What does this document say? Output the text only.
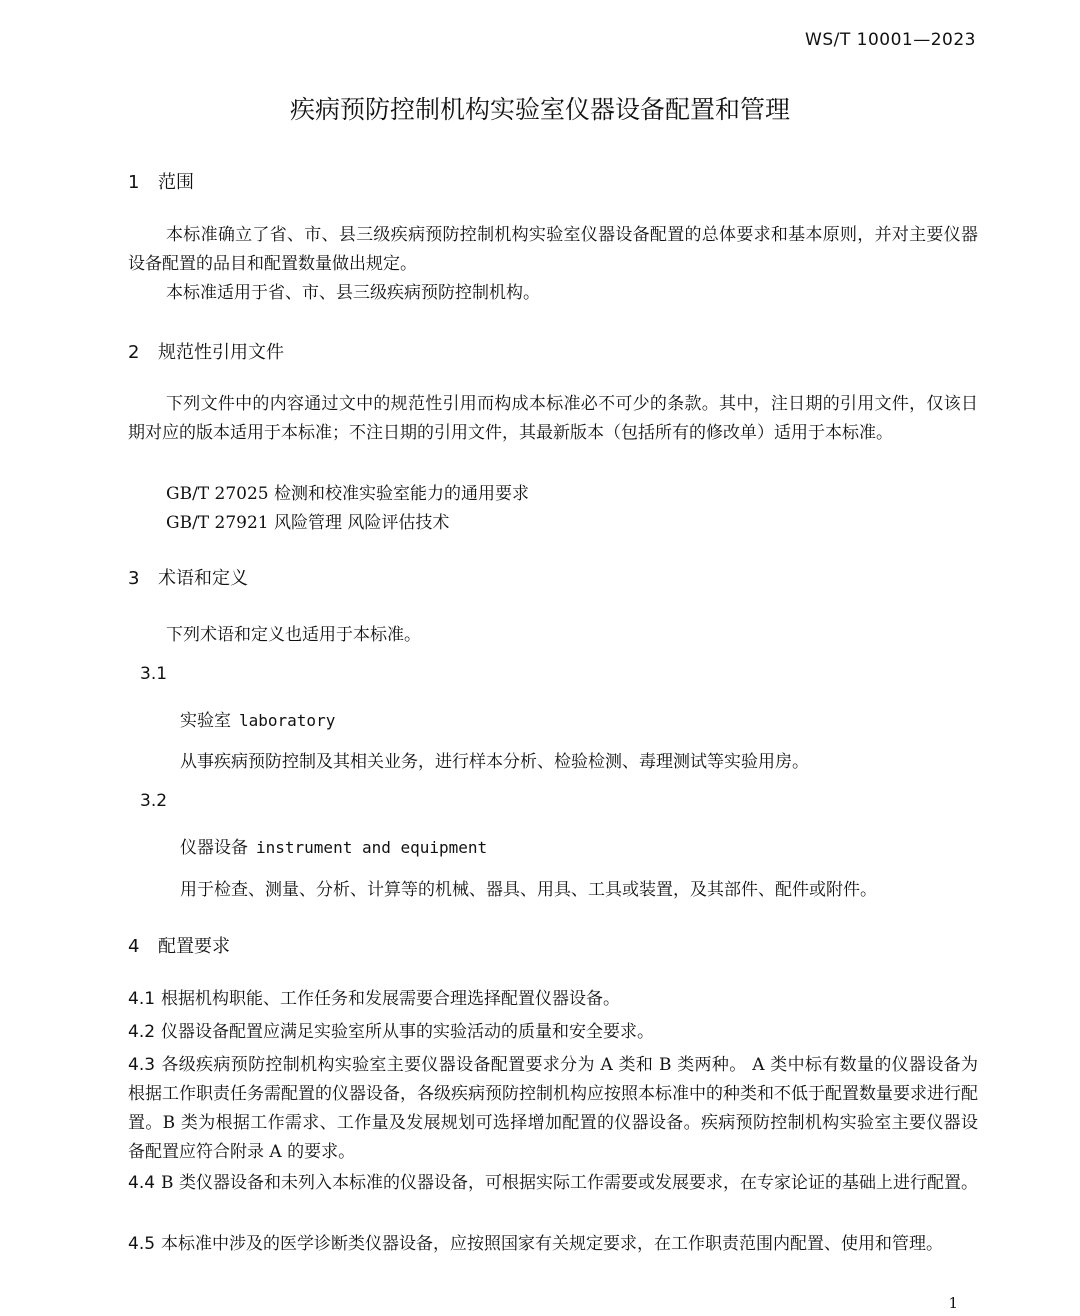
WS/T 10001—2023
疾病预防控制机构实验室仪器设备配置和管理
1 范围
本标准确立了省、市、县三级疾病预防控制机构实验室仪器设备配置的总体要求和基本原则，并对主要仪器设备配置的品目和配置数量做出规定。
本标准适用于省、市、县三级疾病预防控制机构。
2 规范性引用文件
下列文件中的内容通过文中的规范性引用而构成本标准必不可少的条款。其中，注日期的引用文件，仅该日期对应的版本适用于本标准；不注日期的引用文件，其最新版本（包括所有的修改单）适用于本标准。
GB/T 27025 检测和校准实验室能力的通用要求
GB/T 27921 风险管理 风险评估技术
3 术语和定义
下列术语和定义也适用于本标准。
3.1
实验室 laboratory
从事疾病预防控制及其相关业务，进行样本分析、检验检测、毒理测试等实验用房。
3.2
仪器设备 instrument and equipment
用于检查、测量、分析、计算等的机械、器具、用具、工具或装置，及其部件、配件或附件。
4 配置要求
4.1 根据机构职能、工作任务和发展需要合理选择配置仪器设备。
4.2 仪器设备配置应满足实验室所从事的实验活动的质量和安全要求。
4.3 各级疾病预防控制机构实验室主要仪器设备配置要求分为 A 类和 B 类两种。 A 类中标有数量的仪器设备为根据工作职责任务需配置的仪器设备，各级疾病预防控制机构应按照本标准中的种类和不低于配置数量要求进行配置。B 类为根据工作需求、工作量及发展规划可选择增加配置的仪器设备。疾病预防控制机构实验室主要仪器设备配置应符合附录 A 的要求。
4.4 B 类仪器设备和未列入本标准的仪器设备，可根据实际工作需要或发展要求，在专家论证的基础上进行配置。
4.5 本标准中涉及的医学诊断类仪器设备，应按照国家有关规定要求，在工作职责范围内配置、使用和管理。
1
